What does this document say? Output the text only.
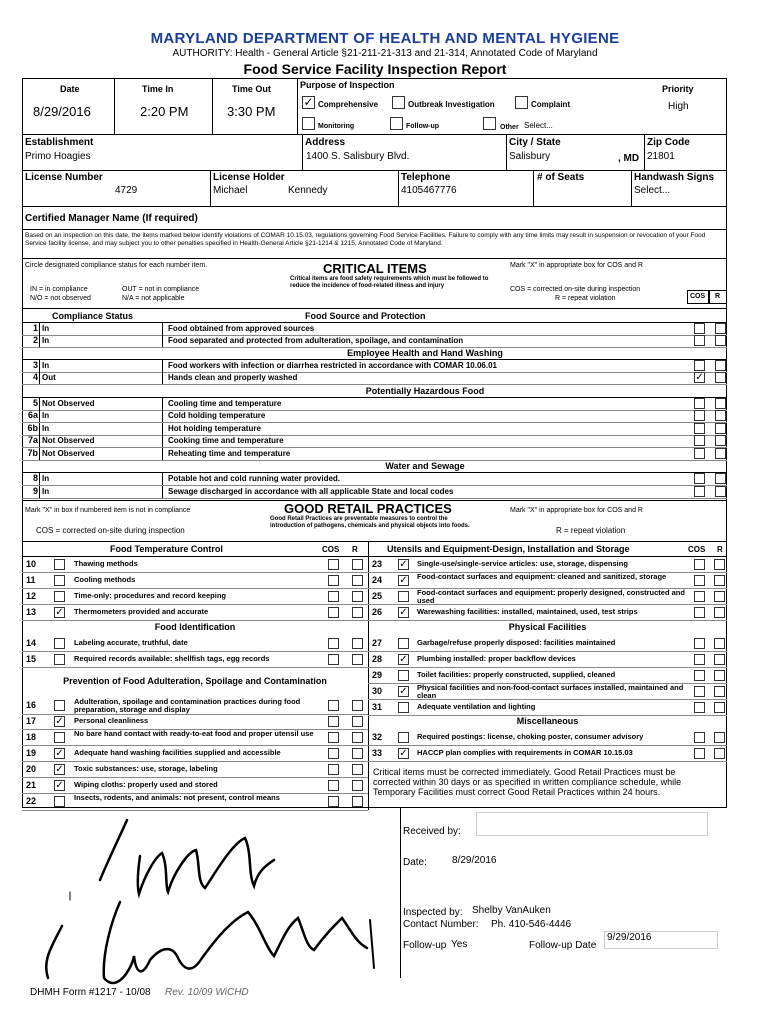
MARYLAND DEPARTMENT OF HEALTH AND MENTAL HYGIENE
AUTHORITY: Health - General Article §21-211-21-313 and 21-314, Annotated Code of Maryland
Food Service Facility Inspection Report
Date	Time In	Time Out	Purpose of Inspection	Priority
8/29/2016	2:20 PM	3:30 PM	High
✓ Comprehensive	Outbreak Investigation	Complaint
Monitoring	Follow-up	Other Select...
Establishment
Primo Hoagies
Address
1400 S. Salisbury Blvd.
City / State
Salisbury	, MD
Zip Code
21801
License Number
4729
License Holder
Michael	Kennedy
Telephone
4105467776
# of Seats	Handwash Signs
Select...
Certified Manager Name (If required)
Based on an inspection on this date, the items marked below identify violations of COMAR 10.15.03, regulations governing Food Service Facilities. Failure to comply with any time limits may result in suspension or revocation of your Food Service facility license, and may subject you to other penalties specified in Health-General Article §21-1214 & 1215, Annotated Code of Maryland.
Circle designated compliance status for each number item.	CRITICAL ITEMS
Critical items are food safety requirements which must be followed to reduce the incidence of food-related illness and injury
Mark "X" in appropriate box for COS and R
IN = in compliance	OUT = not in compliance
N/O = not observed	N/A = not applicable
COS = corrected on-site during inspection
R = repeat violation	COS R
Compliance Status	Food Source and Protection
1 In	Food obtained from approved sources
2 In	Food separated and protected from adulteration, spoilage, and contamination
Employee Health and Hand Washing
3 In	Food workers with infection or diarrhea restricted in accordance with COMAR 10.06.01
4 Out	Hands clean and properly washed	✓
Potentially Hazardous Food
5 Not Observed	Cooling time and temperature
6a In	Cold holding temperature
6b In	Hot holding temperature
7a Not Observed	Cooking time and temperature
7b Not Observed	Reheating time and temperature
Water and Sewage
8 In	Potable hot and cold running water provided.
9 In	Sewage discharged in accordance with all applicable State and local codes
Mark "X" in box if numbered item is not in compliance	GOOD RETAIL PRACTICES
Good Retail Practices are preventable measures to control the introduction of pathogens, chemicals and physical objects into foods.
Mark "X" in appropriate box for COS and R
COS = corrected on-site during inspection	R = repeat violation
Food Temperature Control	COS R	Utensils and Equipment-Design, Installation and Storage	COS R
10	Thawing methods
11	Cooling methods
12	Time-only: procedures and record keeping
13 ✓ Thermometers provided and accurate
14	Labeling accurate, truthful, date
15	Required records available: shellfish tags, egg records
16	Adulteration, spoilage and contamination practices during food preparation, storage and display
17 ✓ Personal cleanliness
18	No bare hand contact with ready-to-eat food and proper utensil use
19 ✓ Adequate hand washing facilities supplied and accessible
20 ✓ Toxic substances: use, storage, labeling
21 ✓ Wiping cloths: properly used and stored
22	Insects, rodents, and animals: not present, control means
23 ✓ Single-use/single-service articles: use, storage, dispensing
24 ✓ Food-contact surfaces and equipment: cleaned and sanitized, storage
25	Food-contact surfaces and equipment: properly designed, constructed and used
26 ✓ Warewashing facilities: installed, maintained, used, test strips
27	Garbage/refuse properly disposed: facilities maintained
28 ✓ Plumbing installed: proper backflow devices
29	Toilet facilities: properly constructed, supplied, cleaned
30 ✓ Physical facilities and non-food-contact surfaces installed, maintained and clean
31	Adequate ventilation and lighting
32	Required postings: license, choking poster, consumer advisory
33 ✓ HACCP plan complies with requirements in COMAR 10.15.03
Food Identification	Physical Facilities
Prevention of Food Adulteration, Spoilage and Contamination
Miscellaneous
Critical items must be corrected immediately. Good Retail Practices must be corrected within 30 days or as specified in written compliance schedule, while Temporary Facilities must correct Good Retail Practices within 24 hours.
Received by:
Date:	8/29/2016
Inspected by: Shelby VanAuken
Contact Number: Ph. 410-546-4446
Follow-up Yes	Follow-up Date
9/29/2016
DHMH Form #1217 - 10/08 Rev. 10/09 WiCHD
